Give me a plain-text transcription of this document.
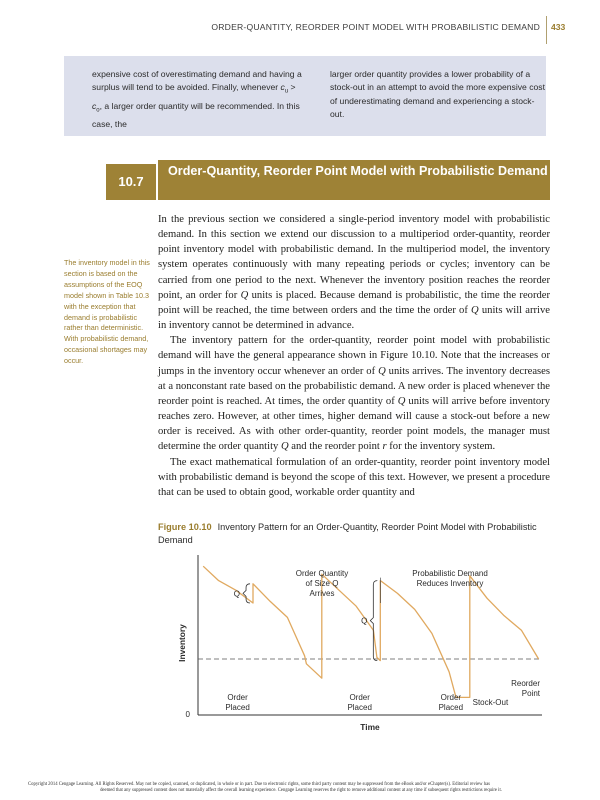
ORDER-QUANTITY, REORDER POINT MODEL WITH PROBABILISTIC DEMAND 433

expensive cost of overestimating demand and having a surplus will tend to be avoided. Finally, whenever $c_u > c_o$, a larger order quantity will be recommended. In this case, the

larger order quantity provides a lower probability of a stock-out in an attempt to avoid the more expensive cost of underestimating demand and experiencing a stock-out.

10.7
Order-Quantity, Reorder Point Model with Probabilistic Demand
The inventory model in this section is based on the assumptions of the EOQ model shown in Table 10.3 with the exception that demand is probabilistic rather than deterministic. With probabilistic demand, occasional shortages may occur.

In the previous section we considered a single-period inventory model with probabilistic demand. In this section we extend our discussion to a multiperiod order-quantity, reorder point inventory model with probabilistic demand. In the multiperiod model, the inventory system operates continuously with many repeating periods or cycles; inventory can be carried from one period to the next. Whenever the inventory position reaches the reorder point, an order for Q units is placed. Because demand is probabilistic, the time the reorder point will be reached, the time between orders and the time the order of Q units will arrive in inventory cannot be determined in advance.

The inventory pattern for the order-quantity, reorder point model with probabilistic demand will have the general appearance shown in Figure 10.10. Note that the increases or jumps in the inventory occur whenever an order of Q units arrives. The inventory decreases at a nonconstant rate based on the probabilistic demand. A new order is placed whenever the reorder point is reached. At times, the order quantity of Q units will arrive before inventory reaches zero. However, at other times, higher demand will cause a stock-out before a new order is received. As with other order-quantity, reorder point models, the manager must determine the order quantity Q and the reorder point r for the inventory system.

The exact mathematical formulation of an order-quantity, reorder point inventory model with probabilistic demand is beyond the scope of this text. However, we present a procedure that can be used to obtain good, workable order quantity and

Figure 10.10 Inventory Pattern for an Order-Quantity, Reorder Point Model with Probabilistic Demand
Time
Inventory
0
Q
Q
Order Quantity
of Size Q
Arrives
Probabilistic Demand
Reduces Inventory
Order
Placed
Order
Placed
Order
Placed
Stock-Out
Reorder
Point
Copyright 2014 Cengage Learning. All Rights Reserved. May not be copied, scanned, or duplicated, in whole or in part. Due to electronic rights, some third party content may be suppressed from the eBook and/or eChapter(s). Editorial review has
deemed that any suppressed content does not materially affect the overall learning experience. Cengage Learning reserves the right to remove additional content at any time if subsequent rights restrictions require it.
